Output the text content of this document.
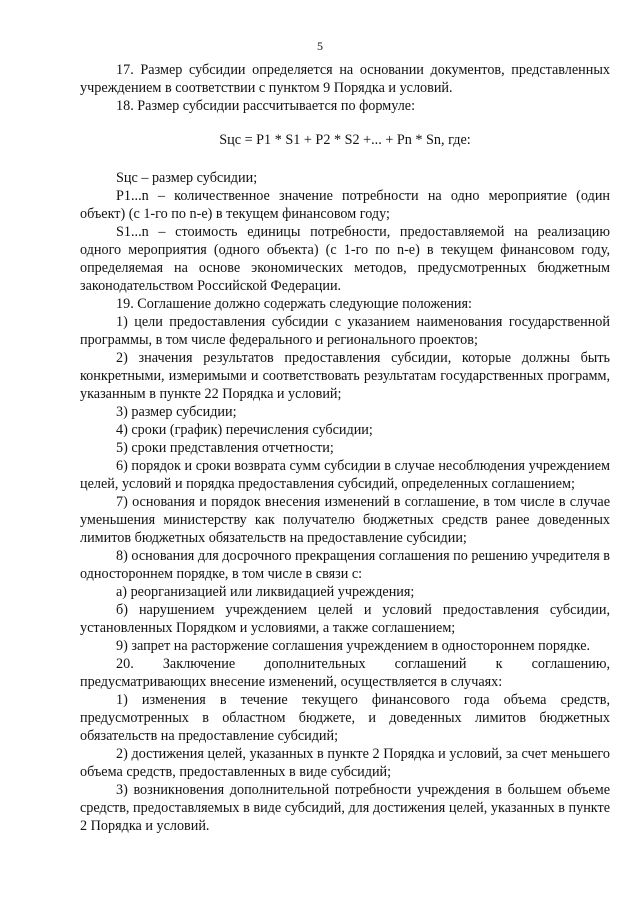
5

17. Размер субсидии определяется на основании документов, представленных учреждением в соответствии с пунктом 9 Порядка и условий.

18. Размер субсидии рассчитывается по формуле:

Sцс = P1 * S1 + P2 * S2 +... + Pn * Sn, где:

Sцс – размер субсидии;

P1...n – количественное значение потребности на одно мероприятие (один объект) (с 1-го по n-е) в текущем финансовом году;

S1...n – стоимость единицы потребности, предоставляемой на реализацию одного мероприятия (одного объекта) (с 1-го по n-е) в текущем финансовом году, определяемая на основе экономических методов, предусмотренных бюджетным законодательством Российской Федерации.

19. Соглашение должно содержать следующие положения:

1) цели предоставления субсидии с указанием наименования государственной программы, в том числе федерального и регионального проектов;

2) значения результатов предоставления субсидии, которые должны быть конкретными, измеримыми и соответствовать результатам государственных программ, указанным в пункте 22 Порядка и условий;

3) размер субсидии;

4) сроки (график) перечисления субсидии;

5) сроки представления отчетности;

6) порядок и сроки возврата сумм субсидии в случае несоблюдения учреждением целей, условий и порядка предоставления субсидий, определенных соглашением;

7) основания и порядок внесения изменений в соглашение, в том числе в случае уменьшения министерству как получателю бюджетных средств ранее доведенных лимитов бюджетных обязательств на предоставление субсидии;

8) основания для досрочного прекращения соглашения по решению учредителя в одностороннем порядке, в том числе в связи с:

а) реорганизацией или ликвидацией учреждения;

б) нарушением учреждением целей и условий предоставления субсидии, установленных Порядком и условиями, а также соглашением;

9) запрет на расторжение соглашения учреждением в одностороннем порядке.

20. Заключение дополнительных соглашений к соглашению, предусматривающих внесение изменений, осуществляется в случаях:

1) изменения в течение текущего финансового года объема средств, предусмотренных в областном бюджете, и доведенных лимитов бюджетных обязательств на предоставление субсидий;

2) достижения целей, указанных в пункте 2 Порядка и условий, за счет меньшего объема средств, предоставленных в виде субсидий;

3) возникновения дополнительной потребности учреждения в большем объеме средств, предоставляемых в виде субсидий, для достижения целей, указанных в пункте 2 Порядка и условий.
